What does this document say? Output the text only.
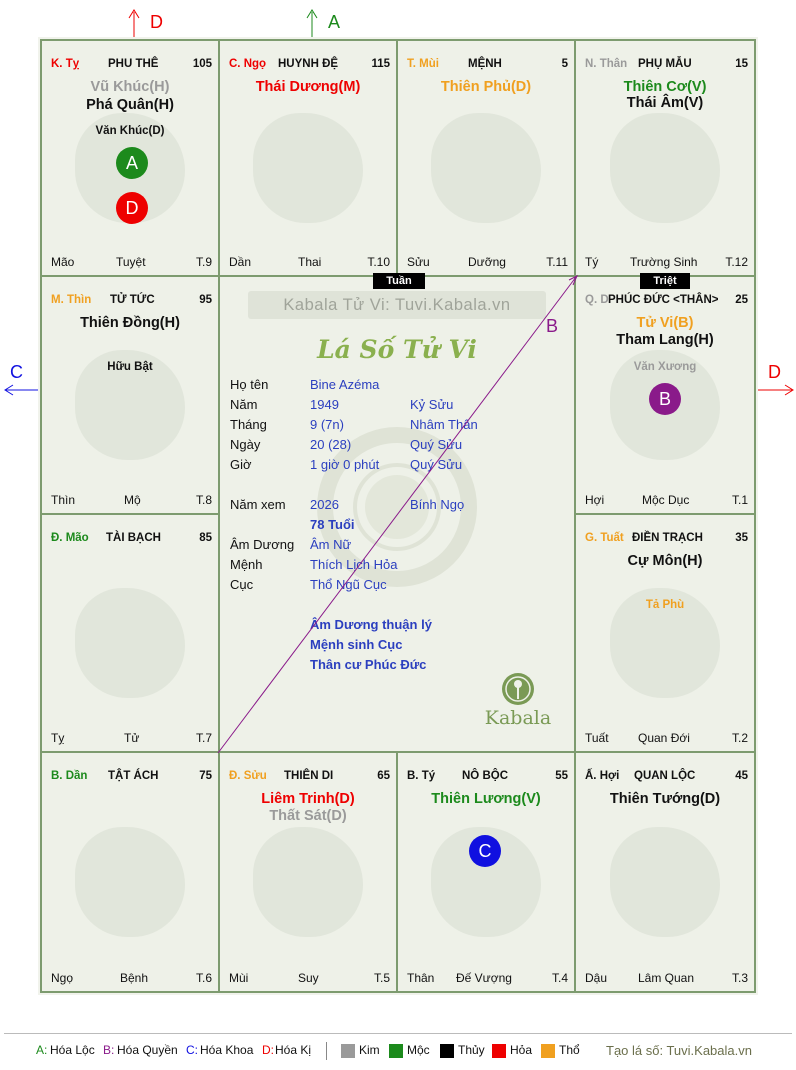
D	A
C	D
K. Tỵ	PHU THÊ	105
Vũ Khúc(H)
Phá Quân(H)
Văn Khúc(D)
A
D
Mão	Tuyệt	T.9
C. Ngọ HUYNH ĐỆ	115
Thái Dương(M)
Dần	Thai	T.10
T. Mùi	MỆNH	5
Thiên Phủ(D)
Sửu	Dưỡng	T.11
N. Thân PHỤ MẪU	15
Thiên Cơ(V)
Thái Âm(V)
Tý	Trường Sinh T.12
M. Thìn TỬ TỨC	95
Thiên Đồng(H)
Hữu Bật
Thìn	Mộ	T.8
Q. D PHÚC ĐỨC <THÂN> 25
Tử Vi(B)
Tham Lang(H)
Văn Xương
B
Hợi	Mộc Dục	T.1
Đ. Mão TÀI BẠCH	85
Tỵ	Tử	T.7
G. Tuất ĐIỀN TRẠCH	35
Cự Môn(H)
Tả Phù
Tuất Quan Đới	T.2
B. Dần TẬT ÁCH	75
Ngọ	Bệnh	T.6
Đ. Sửu THIÊN DI	65
Liêm Trinh(D)
Thất Sát(D)
Mùi	Suy	T.5
B. Tý NÔ BỘC	55
Thiên Lương(V)
C
Thân Đế Vượng	T.4
Ấ. Hợi QUAN LỘC	45
Thiên Tướng(D)
Dậu	Lâm Quan	T.3
Kabala Tử Vi: Tuvi.Kabala.vn
Lá Số Tử Vi
Họ tên	Bine Azéma
Năm	1949	Kỷ Sửu
Tháng	9 (7n)	Nhâm Thân
Ngày	20 (28)	Quý Sửu
Giờ	1 giờ 0 phút Quý Sửu
Năm xem 2026	Bính Ngọ
78 Tuổi
Âm Dương Âm Nữ
Mệnh	Thích Lịch Hỏa
Cục	Thổ Ngũ Cục
Âm Dương thuận lý
Mệnh sinh Cục
Thân cư Phúc Đức
Kabala
Tuần	Triệt
B
A: Hóa Lộc B: Hóa Quyền C: Hóa Khoa D: Hóa Kị	Kim Mộc Thủy Hỏa Thổ Tạo lá số: Tuvi.Kabala.vn
